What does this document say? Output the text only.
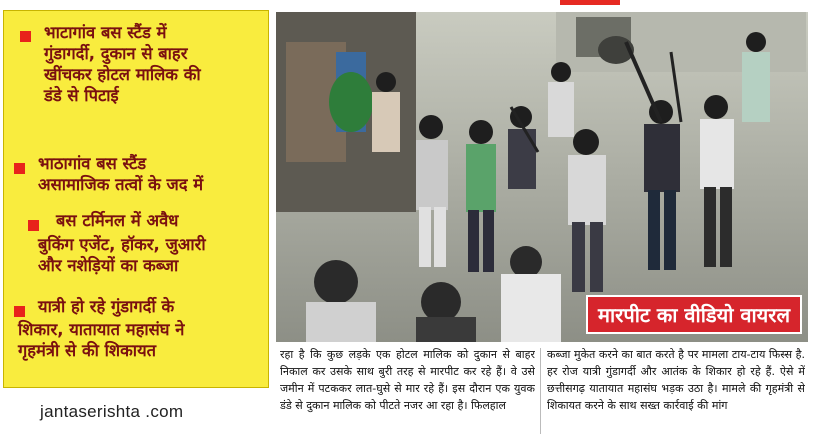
भाटागांव बस स्टैंड में
गुंडागर्दी, दुकान से बाहर
खींचकर होटल मालिक की
डंडे से पिटाई
भाठागांव बस स्टैंड
असामाजिक तत्वों के जद में
बस टर्मिनल में अवैध
बुकिंग एजेंट, हॉकर, जुआरी
और नशेड़ियों का कब्जा
यात्री हो रहे गुंडागर्दी के
शिकार, यातायात महासंघ ने
गृहमंत्री से की शिकायत
jantaserishta .com
मारपीट का वीडियो वायरल
रहा है कि कुछ लड़के एक होटल मालिक को दुकान से बाहर निकाल कर उसके साथ बुरी तरह से मारपीट कर रहे हैं। वे उसे जमीन में पटककर लात-घुसे से मार रहे हैं। इस दौरान एक युवक डंडे से दुकान मालिक को पीटते नजर आ रहा है। फिलहाल
कब्जा मुकेत करने का बात करते है पर मामला टाय-टाय फिस्स है. हर रोज यात्री गुंडागर्दी और आतंक के शिकार हो रहे हैं. ऐसे में छत्तीसगढ़ यातायात महासंघ भड़क उठा है। मामले की गृहमंत्री से शिकायत करने के साथ सख्त कार्रवाई की मांग
